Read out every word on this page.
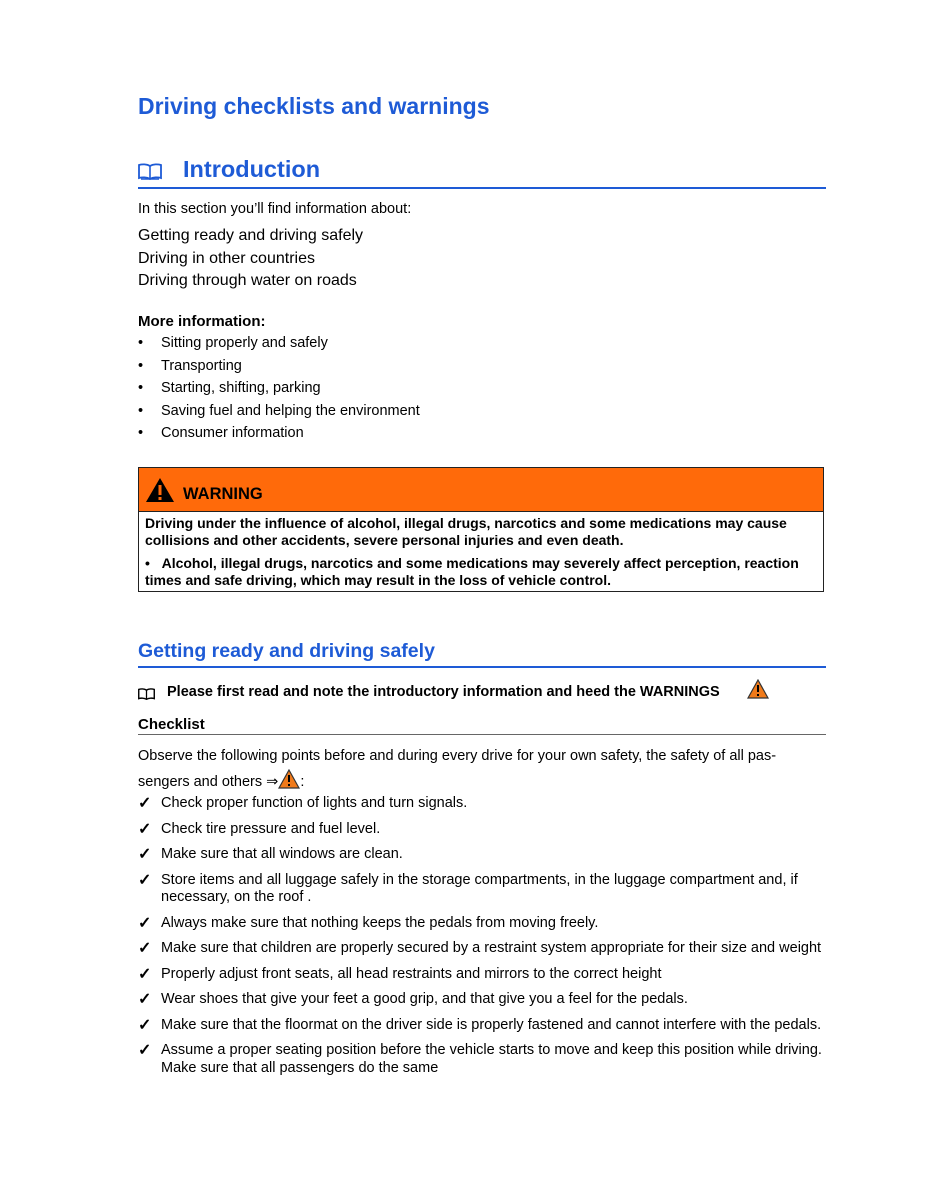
Driving checklists and warnings
Introduction
In this section you’ll find information about:
Getting ready and driving safely
Driving in other countries
Driving through water on roads
More information:
• Sitting properly and safely
• Transporting
• Starting, shifting, parking
• Saving fuel and helping the environment
• Consumer information
WARNING

Driving under the influence of alcohol, illegal drugs, narcotics and some medications may cause collisions and other accidents, severe personal injuries and even death.

•   Alcohol, illegal drugs, narcotics and some medications may severely affect perception, reaction times and safe driving, which may result in the loss of vehicle control.

Getting ready and driving safely
Please first read and note the introductory information and heed the WARNINGS
Checklist
Observe the following points before and during every drive for your own safety, the safety of all pas-sengers and others ⇒ :
✓ Check proper function of lights and turn signals.
✓ Check tire pressure and fuel level.
✓ Make sure that all windows are clean.
✓ Store items and all luggage safely in the storage compartments, in the luggage compartment and, if necessary, on the roof .
✓ Always make sure that nothing keeps the pedals from moving freely.
✓ Make sure that children are properly secured by a restraint system appropriate for their size and weight
✓ Properly adjust front seats, all head restraints and mirrors to the correct height
✓ Wear shoes that give your feet a good grip, and that give you a feel for the pedals.
✓ Make sure that the floormat on the driver side is properly fastened and cannot interfere with the pedals.
✓ Assume a proper seating position before the vehicle starts to move and keep this position while driving. Make sure that all passengers do the same
